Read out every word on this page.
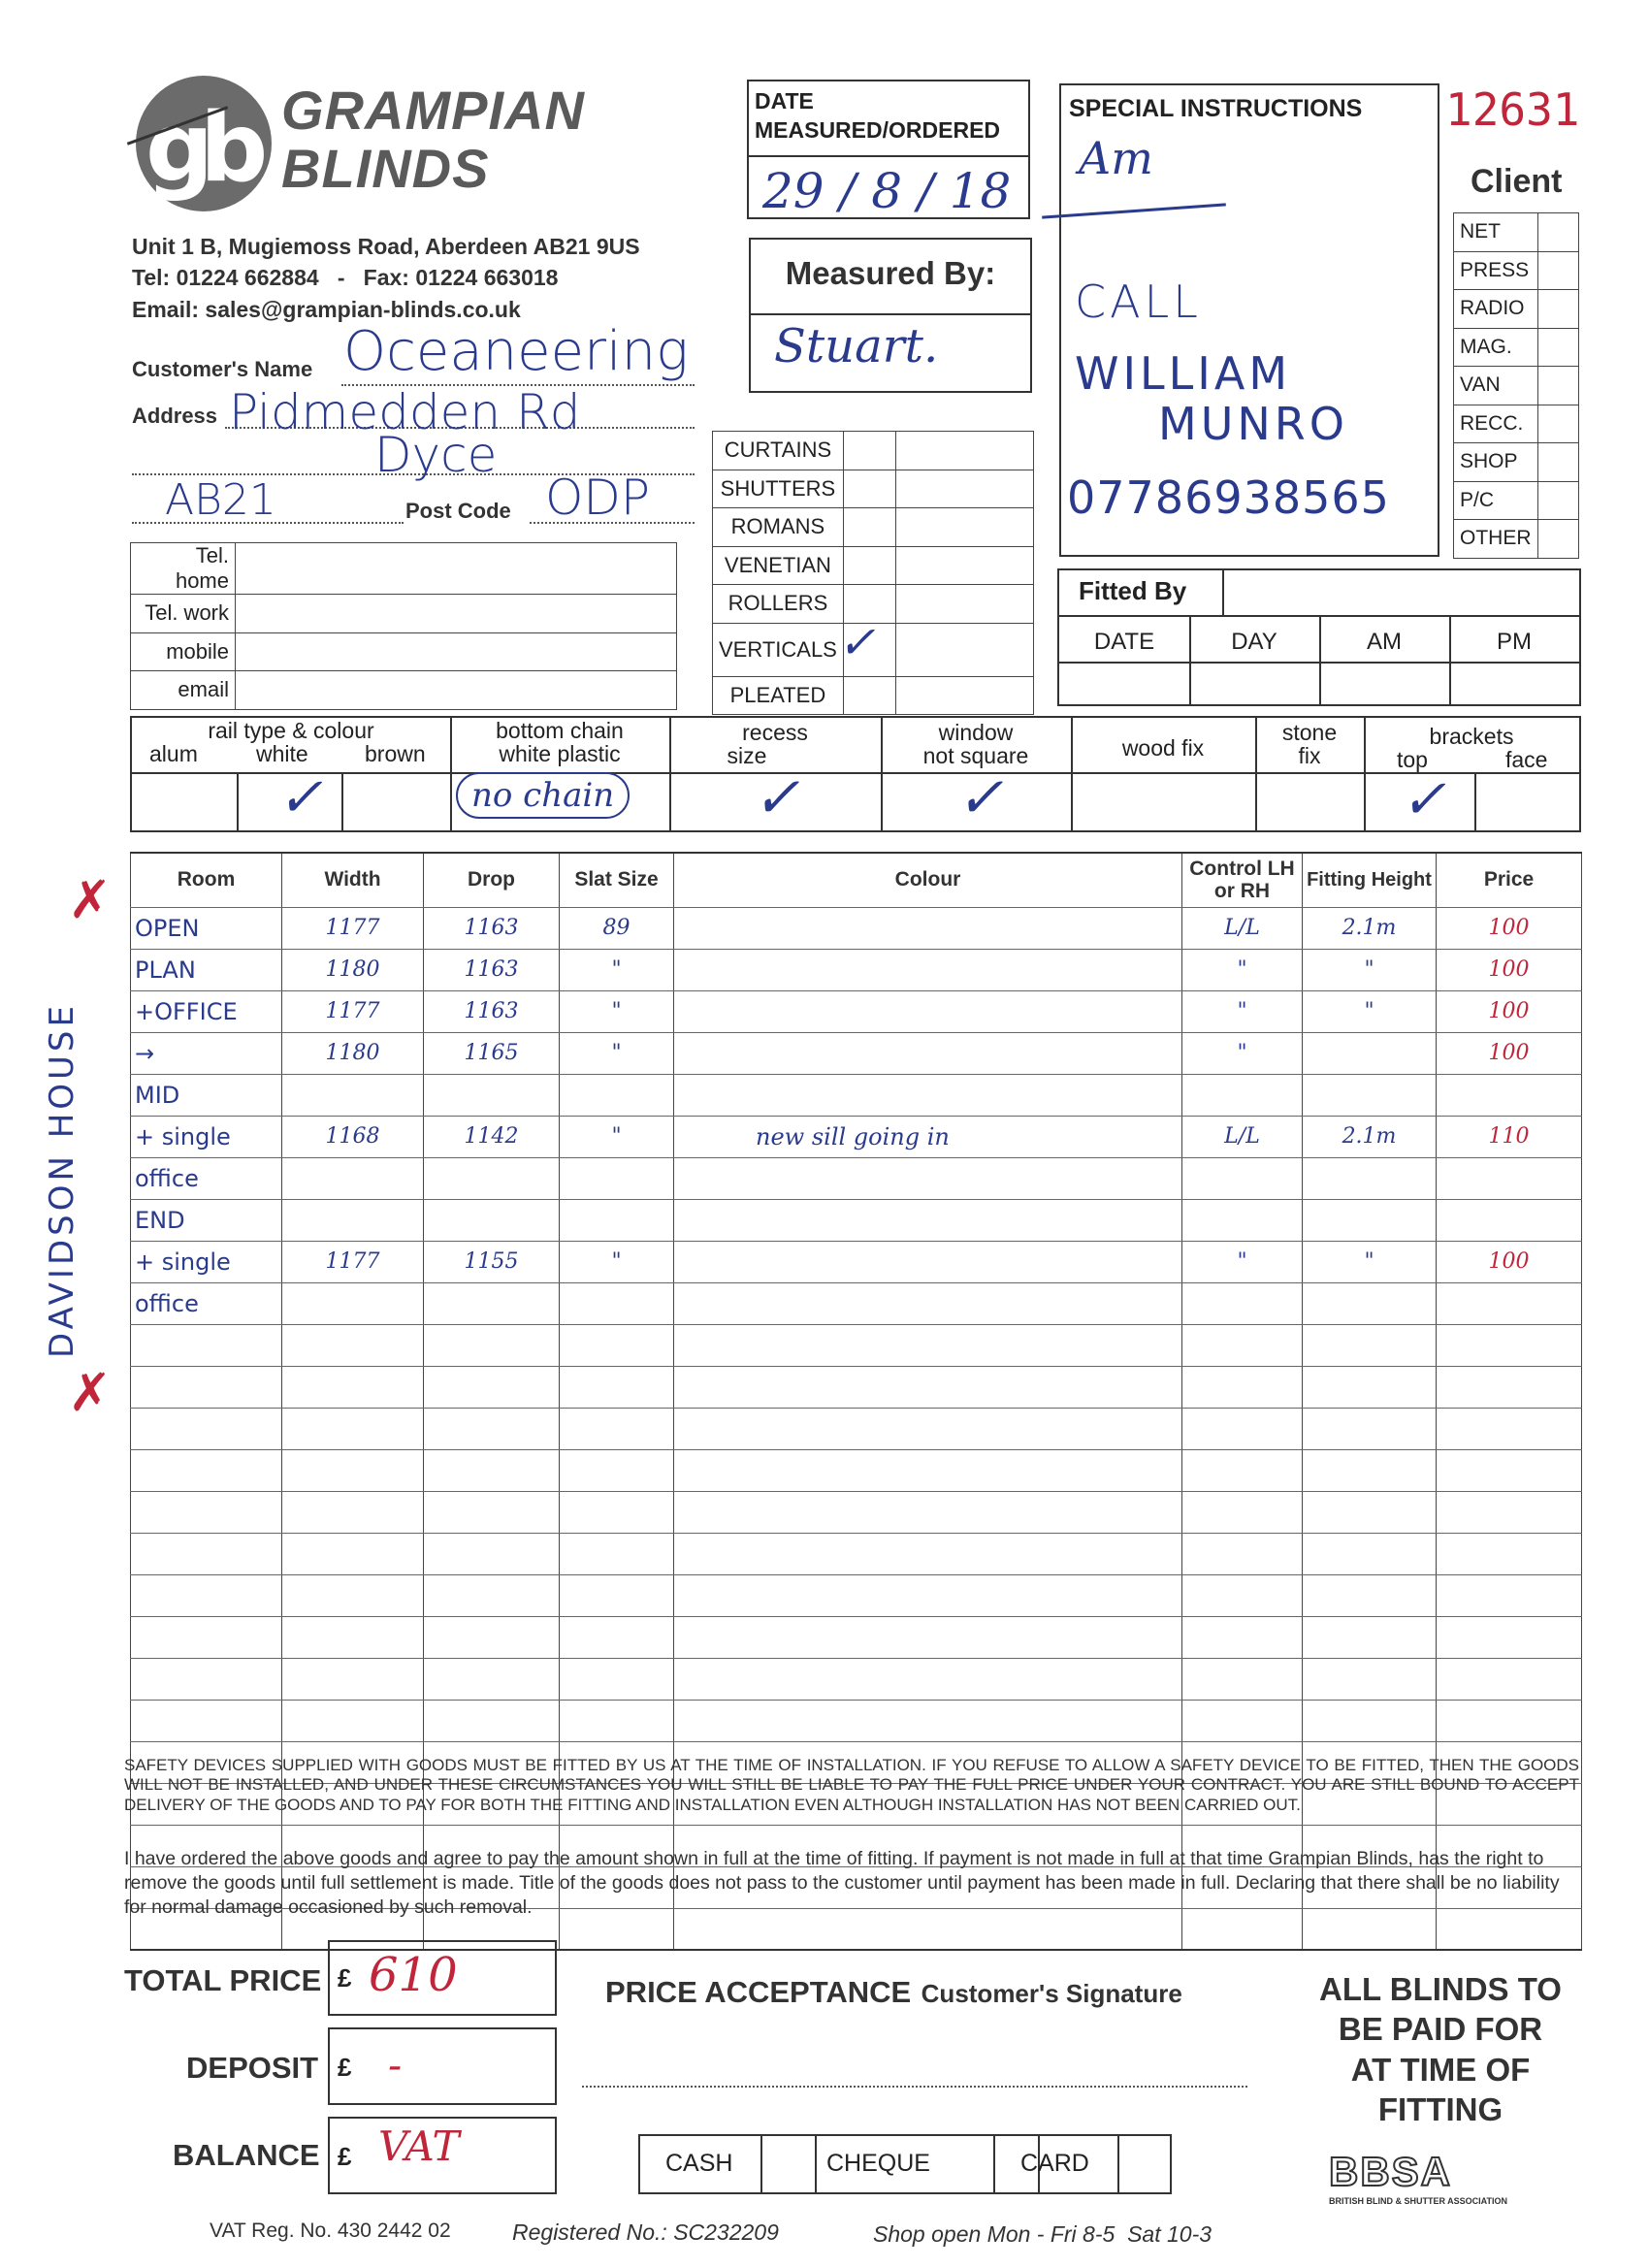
gb GRAMPIAN
BLINDS
Unit 1 B, Mugiemoss Road, Aberdeen AB21 9US
Tel: 01224 662884   -   Fax: 01224 663018
Email: sales@grampian-blinds.co.uk
DATE MEASURED/ORDERED
29 / 8 / 18
Measured By:
Stuart.
SPECIAL INSTRUCTIONS
Am
CALL
WILLIAM
MUNRO
07786938565
12631
Client
NET	
PRESS	
RADIO	
MAG.	
VAN	
RECC.	
SHOP	
P/C	
OTHER	
Customer's Name Oceaneering
Address Pidmedden Rd
Dyce
AB21	Post Code ODP
Tel. home	
Tel. work	
mobile	
email	
CURTAINS		
SHUTTERS		
ROMANS		
VENETIAN		
ROLLERS		
VERTICALS	✓	
PLEATED		
Fitted By
DATE	DAY	AM	PM
rail type & colour
alum	white	brown
✓
bottom chain
white plastic
no chain
recess
size
✓
window
not square
✓
wood fix
stone
fix
brackets
top	face
✓
Room	Width	Drop	Slat Size	Colour	Control LH or RH	Fitting Height	Price
OPEN	1177	1163	89		L/L	2.1m	100
PLAN	1180	1163	"		"	"	100
+OFFICE	1177	1163	"		"	"	100
→	1180	1165	"		"		100
MID							
+ single	1168	1142	"	new sill going in	L/L	2.1m	110
office							
END							
+ single	1177	1155	"		"	"	100
office							

DAVIDSON HOUSE
✗
✗
SAFETY DEVICES SUPPLIED WITH GOODS MUST BE FITTED BY US AT THE TIME OF INSTALLATION. IF YOU REFUSE TO ALLOW A SAFETY DEVICE TO BE FITTED, THEN THE GOODS WILL NOT BE INSTALLED, AND UNDER THESE CIRCUMSTANCES YOU WILL STILL BE LIABLE TO PAY THE FULL PRICE UNDER YOUR CONTRACT. YOU ARE STILL BOUND TO ACCEPT DELIVERY OF THE GOODS AND TO PAY FOR BOTH THE FITTING AND INSTALLATION EVEN ALTHOUGH INSTALLATION HAS NOT BEEN CARRIED OUT.
I have ordered the above goods and agree to pay the amount shown in full at the time of fitting. If payment is not made in full at that time Grampian Blinds, has the right to remove the goods until full settlement is made. Title of the goods does not pass to the customer until payment has been made in full. Declaring that there shall be no liability for normal damage occasioned by such removal.
TOTAL PRICE £ 610
DEPOSIT £ -
BALANCE £ VAT
PRICE ACCEPTANCE Customer's Signature
CASH	CHEQUE	CARD
ALL BLINDS TO
BE PAID FOR
AT TIME OF
FITTING
BBSA
BRITISH BLIND & SHUTTER ASSOCIATION
VAT Reg. No. 430 2442 02	Registered No.: SC232209	Shop open Mon - Fri 8-5  Sat 10-3
